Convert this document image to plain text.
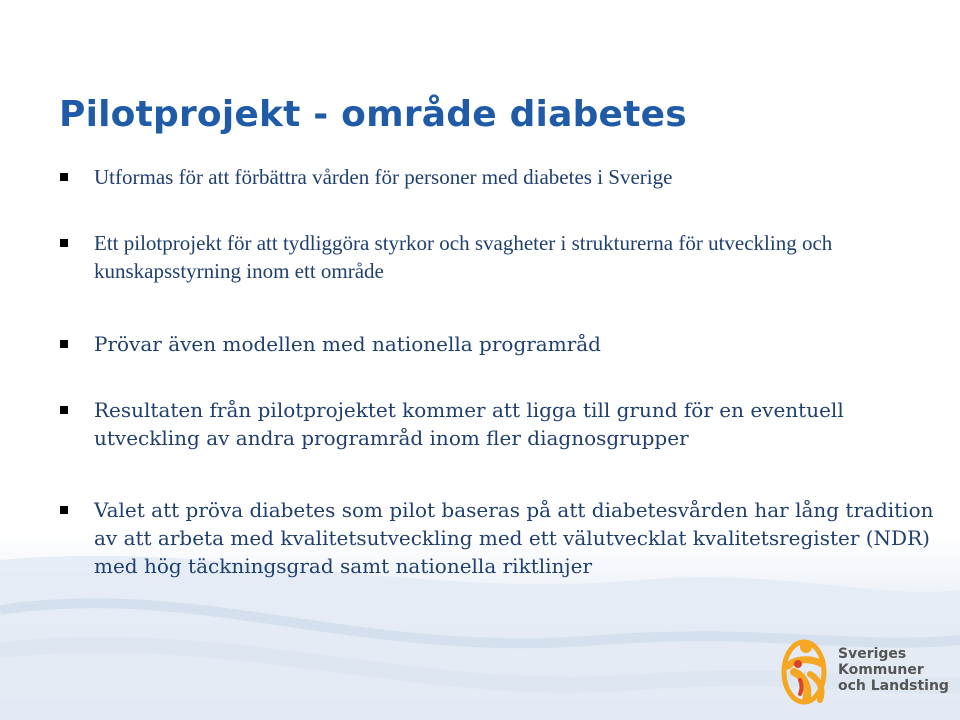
Pilotprojekt - område diabetes
Utformas för att förbättra vården för personer med diabetes i Sverige
Ett pilotprojekt för att tydliggöra styrkor och svagheter i strukturerna för utveckling och kunskapsstyrning inom ett område
Prövar även modellen med nationella programråd
Resultaten från pilotprojektet kommer att ligga till grund för en eventuell utveckling av andra programråd inom fler diagnosgrupper
Valet att pröva diabetes som pilot baseras på att diabetesvården har lång tradition av att arbeta med kvalitetsutveckling med ett välutvecklat kvalitetsregister (NDR) med hög täckningsgrad samt nationella riktlinjer
Sveriges
Kommuner
och Landsting
